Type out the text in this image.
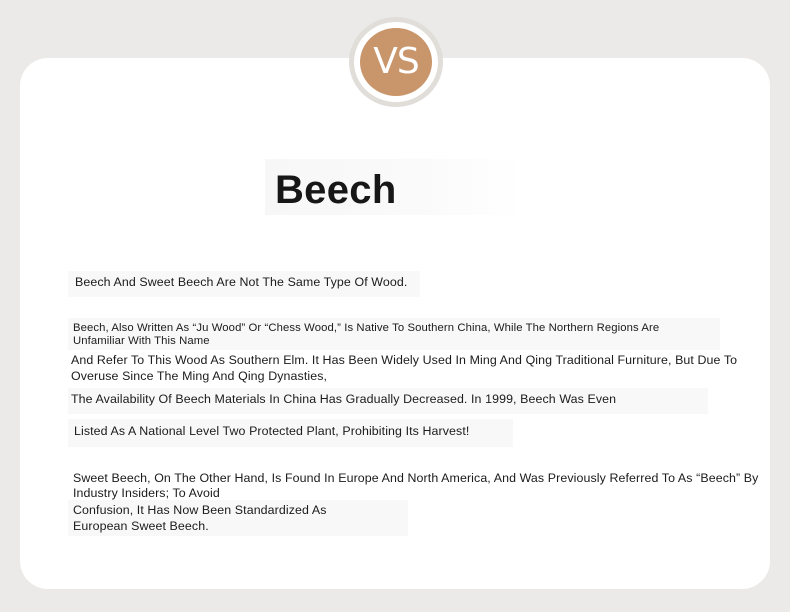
VS
Beech
Beech And Sweet Beech Are Not The Same Type Of Wood.
Beech, Also Written As “Ju Wood” Or “Chess Wood,” Is Native To Southern China, While The Northern Regions Are
Unfamiliar With This Name
And Refer To This Wood As Southern Elm. It Has Been Widely Used In Ming And Qing Traditional Furniture, But Due To
Overuse Since The Ming And Qing Dynasties,
The Availability Of Beech Materials In China Has Gradually Decreased. In 1999, Beech Was Even
Listed As A National Level Two Protected Plant, Prohibiting Its Harvest!
Sweet Beech, On The Other Hand, Is Found In Europe And North America, And Was Previously Referred To As “Beech” By
Industry Insiders; To Avoid
Confusion, It Has Now Been Standardized As
European Sweet Beech.
